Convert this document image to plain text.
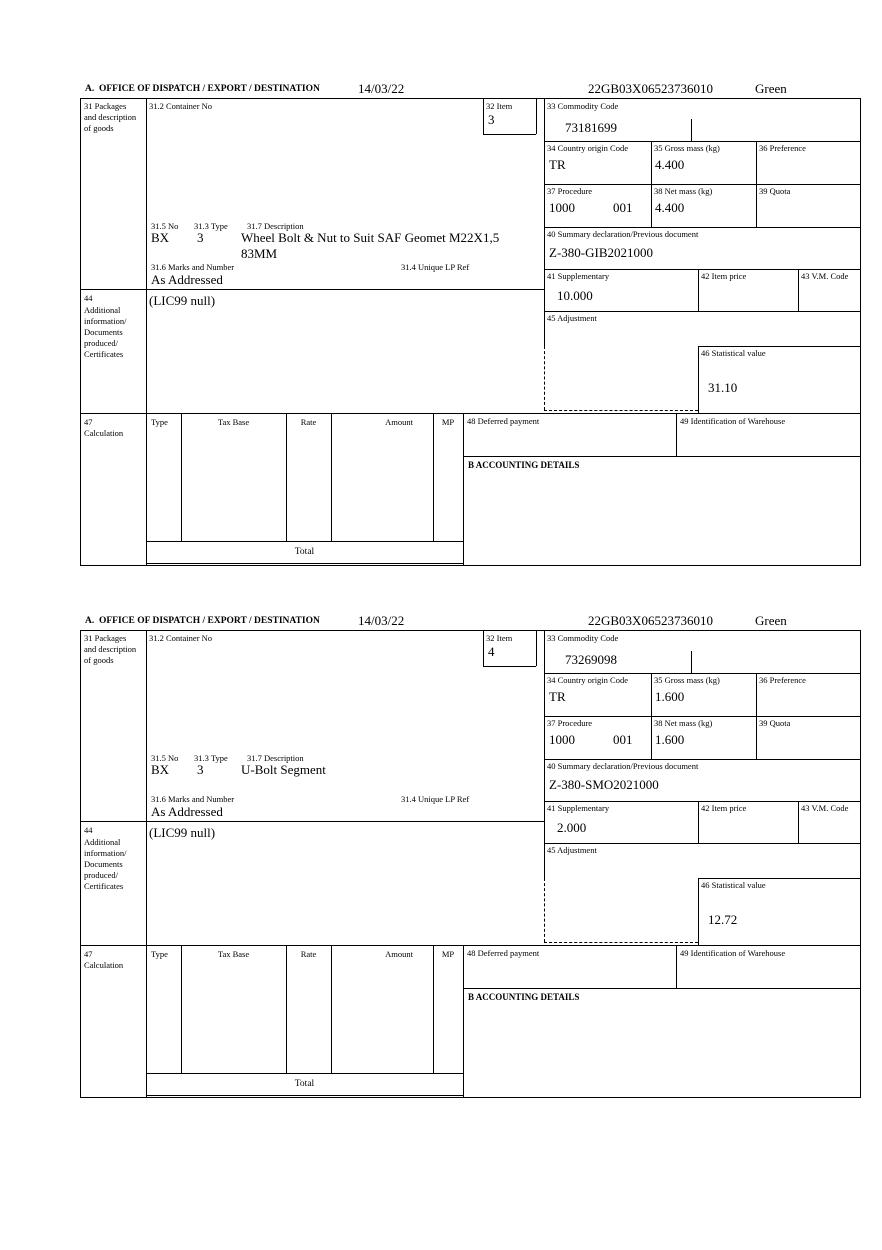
A.  OFFICE OF DISPATCH / EXPORT / DESTINATION	14/03/22	22GB03X06523736010	Green
31 Packages and description of goods
44
Additional information/ Documents produced/ Certificates
47
Calculation
31.2 Container No	32 Item
3
31.5 No 31.3 Type 31.7 Description
BX 3	Wheel Bolt & Nut to Suit SAF Geomet M22X1,5 83MM
31.6 Marks and Number	31.4 Unique LP Ref
As Addressed
(LIC99 null)
33 Commodity Code
73181699
34 Country origin Code
TR
35 Gross mass (kg)
4.400
36 Preference
37 Procedure
1000	001
38 Net mass (kg)
4.400
39 Quota
40 Summary declaration/Previous document
Z-380-GIB2021000
41 Supplementary
10.000
42 Item price	43 V.M. Code
45 Adjustment
46 Statistical value
31.10
Type	Tax Base	Rate	Amount	MP
Total
48 Deferred payment	49 Identification of Warehouse
B ACCOUNTING DETAILS
A.  OFFICE OF DISPATCH / EXPORT / DESTINATION	14/03/22	22GB03X06523736010	Green
31 Packages and description of goods
44
Additional information/ Documents produced/ Certificates
47
Calculation
31.2 Container No	32 Item
4
31.5 No 31.3 Type 31.7 Description
BX 3	U-Bolt Segment
31.6 Marks and Number	31.4 Unique LP Ref
As Addressed
(LIC99 null)
33 Commodity Code
73269098
34 Country origin Code
TR
35 Gross mass (kg)
1.600
36 Preference
37 Procedure
1000	001
38 Net mass (kg)
1.600
39 Quota
40 Summary declaration/Previous document
Z-380-SMO2021000
41 Supplementary
2.000
42 Item price	43 V.M. Code
45 Adjustment
46 Statistical value
12.72
Type	Tax Base	Rate	Amount	MP
Total
48 Deferred payment	49 Identification of Warehouse
B ACCOUNTING DETAILS
